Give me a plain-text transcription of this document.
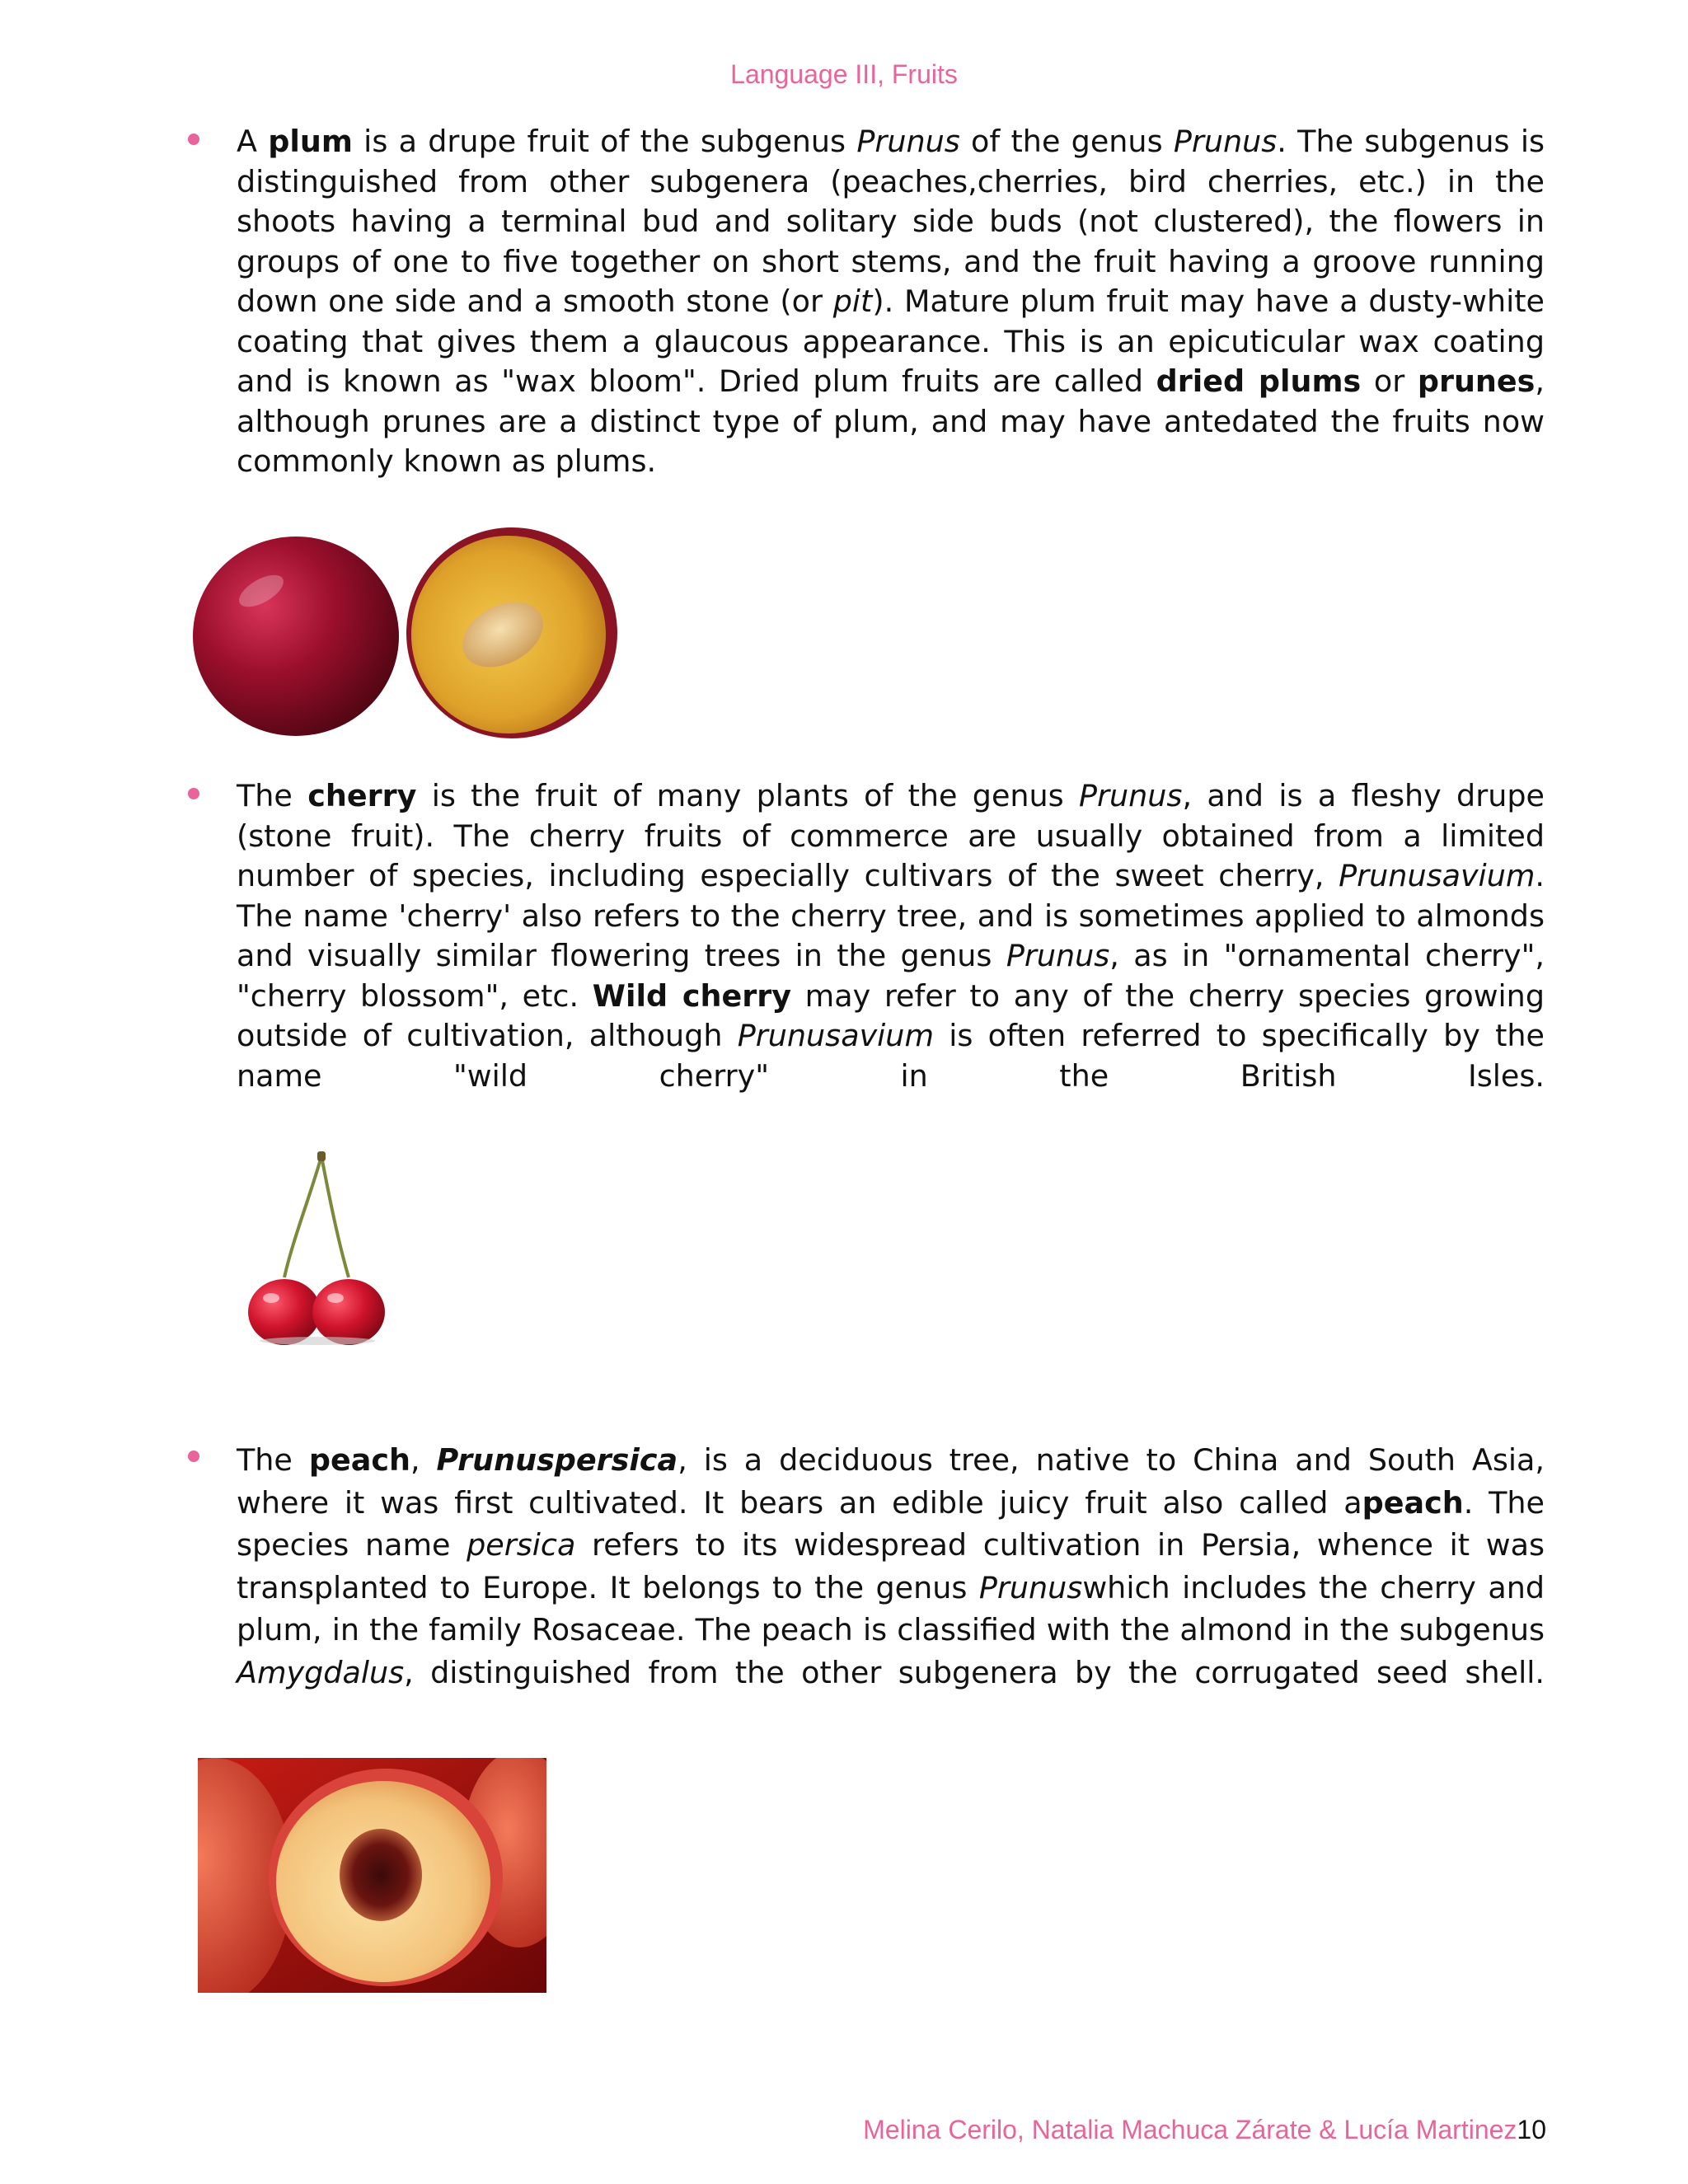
Language III, Fruits
A plum is a drupe fruit of the subgenus Prunus of the genus Prunus. The subgenus is distinguished from other subgenera (peaches,cherries, bird cherries, etc.) in the shoots having a terminal bud and solitary side buds (not clustered), the flowers in groups of one to five together on short stems, and the fruit having a groove running down one side and a smooth stone (or pit). Mature plum fruit may have a dusty-white coating that gives them a glaucous appearance. This is an epicuticular wax coating and is known as "wax bloom". Dried plum fruits are called dried plums or prunes, although prunes are a distinct type of plum, and may have antedated the fruits now commonly known as plums.
The cherry is the fruit of many plants of the genus Prunus, and is a fleshy drupe (stone fruit). The cherry fruits of commerce are usually obtained from a limited number of species, including especially cultivars of the sweet cherry, Prunusavium. The name 'cherry' also refers to the cherry tree, and is sometimes applied to almonds and visually similar flowering trees in the genus Prunus, as in "ornamental cherry", "cherry blossom", etc. Wild cherry may refer to any of the cherry species growing outside of cultivation, although Prunusavium is often referred to specifically by the name "wild cherry" in the British Isles.
The peach, Prunuspersica, is a deciduous tree, native to China and South Asia, where it was first cultivated. It bears an edible juicy fruit also called apeach. The species name persica refers to its widespread cultivation in Persia, whence it was transplanted to Europe. It belongs to the genus Prunuswhich includes the cherry and plum, in the family Rosaceae. The peach is classified with the almond in the subgenus Amygdalus, distinguished from the other subgenera by the corrugated seed shell.
Melina Cerilo, Natalia Machuca Zárate & Lucía Martinez10
